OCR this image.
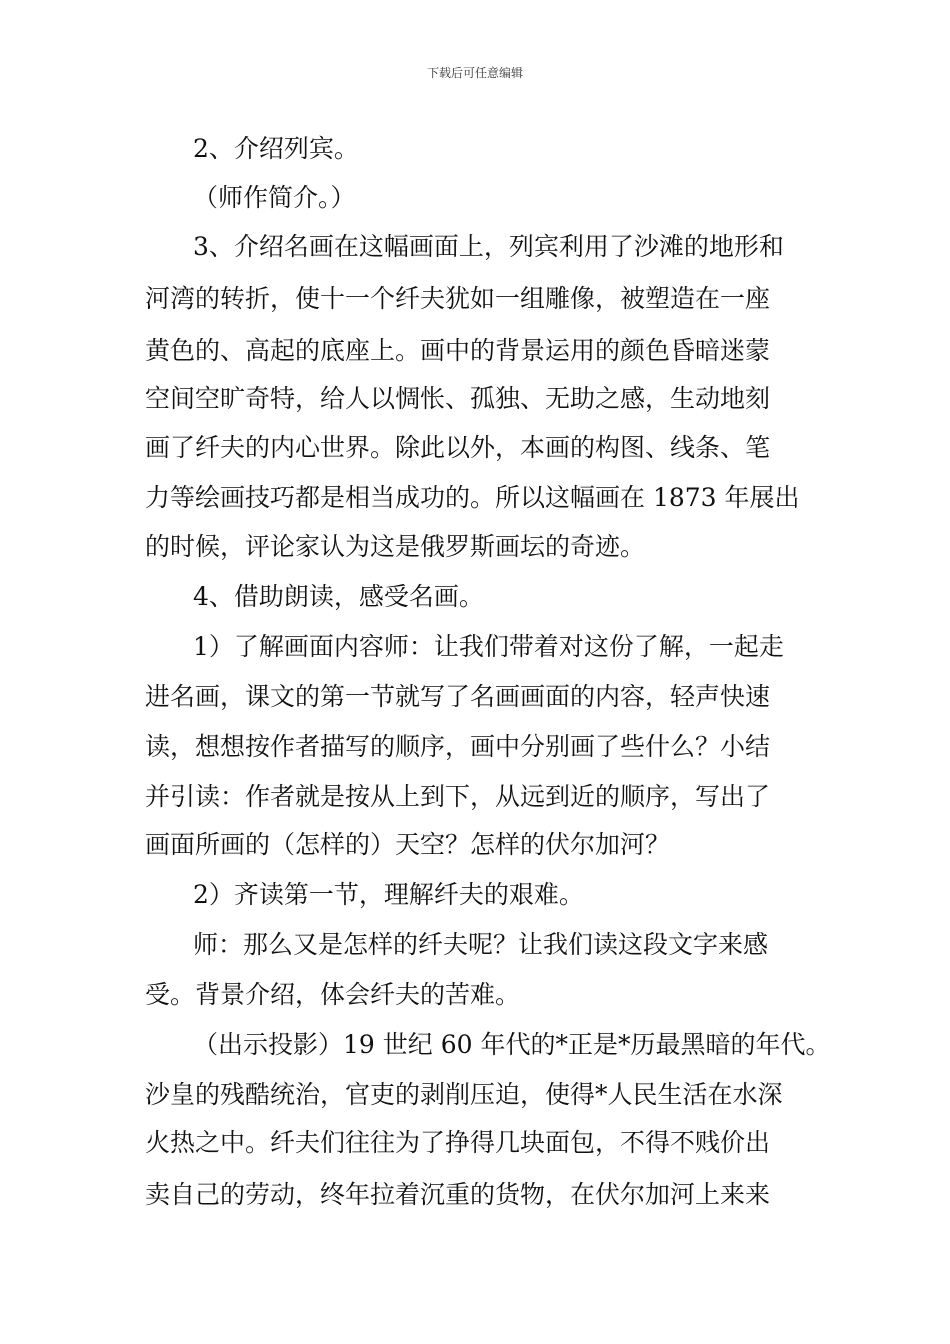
下载后可任意编辑
2、介绍列宾。
（师作简介。）
3、介绍名画在这幅画面上，列宾利用了沙滩的地形和
河湾的转折，使十一个纤夫犹如一组雕像，被塑造在一座
黄色的、高起的底座上。画中的背景运用的颜色昏暗迷蒙
空间空旷奇特，给人以惆怅、孤独、无助之感，生动地刻
画了纤夫的内心世界。除此以外，本画的构图、线条、笔
力等绘画技巧都是相当成功的。所以这幅画在 1873 年展出
的时候，评论家认为这是俄罗斯画坛的奇迹。
4、借助朗读，感受名画。
1）了解画面内容师：让我们带着对这份了解，一起走
进名画，课文的第一节就写了名画画面的内容，轻声快速
读，想想按作者描写的顺序，画中分别画了些什么？小结
并引读：作者就是按从上到下，从远到近的顺序，写出了
画面所画的（怎样的）天空？怎样的伏尔加河？
2）齐读第一节，理解纤夫的艰难。
师：那么又是怎样的纤夫呢？让我们读这段文字来感
受。背景介绍，体会纤夫的苦难。
（出示投影）19 世纪 60 年代的*正是*历最黑暗的年代。
沙皇的残酷统治，官吏的剥削压迫，使得*人民生活在水深
火热之中。纤夫们往往为了挣得几块面包，不得不贱价出
卖自己的劳动，终年拉着沉重的货物，在伏尔加河上来来
